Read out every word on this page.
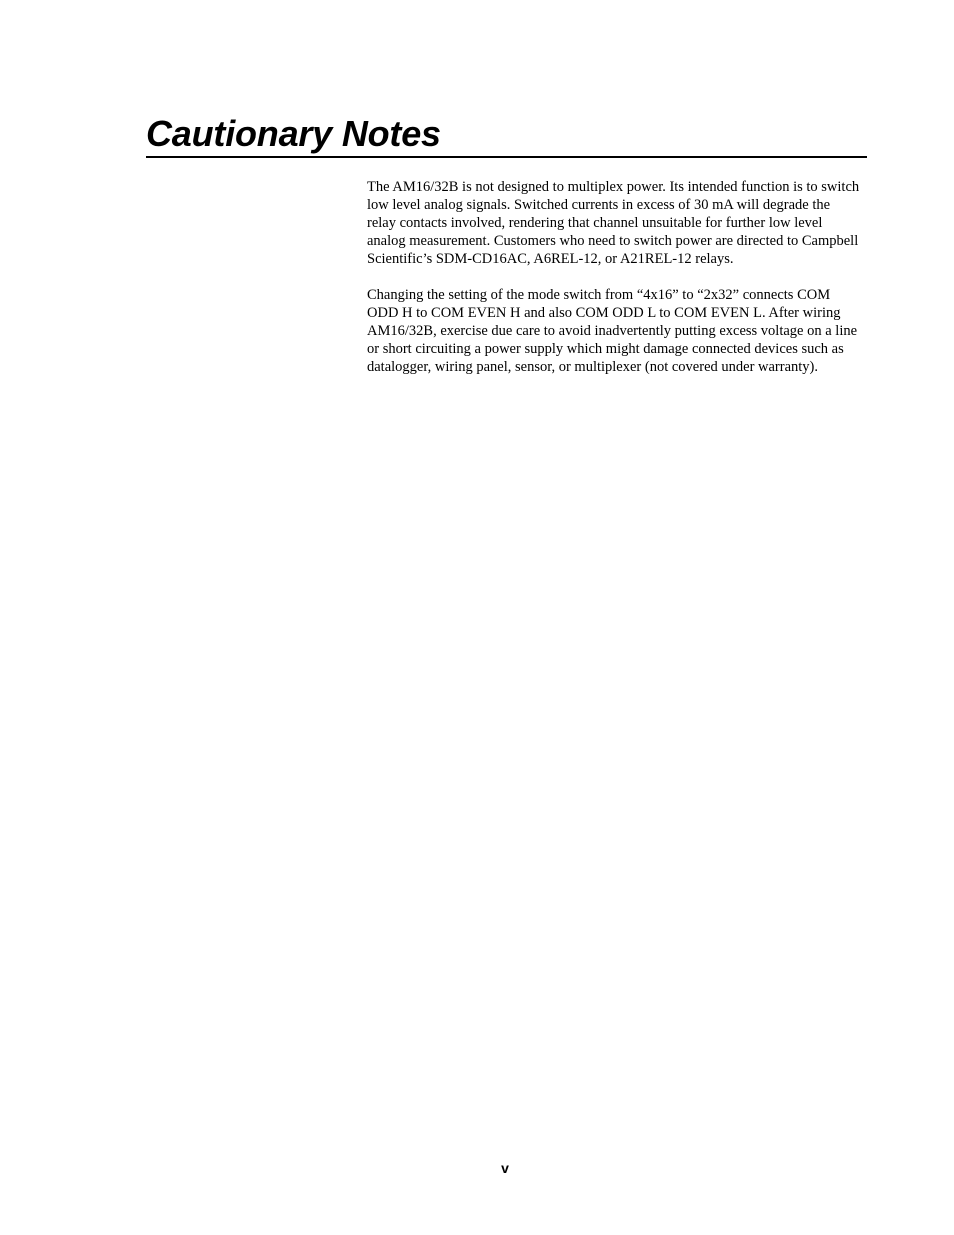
Cautionary Notes

The AM16/32B is not designed to multiplex power. Its intended function is to switch low level analog signals. Switched currents in excess of 30 mA will degrade the relay contacts involved, rendering that channel unsuitable for further low level analog measurement. Customers who need to switch power are directed to Campbell Scientific’s SDM-CD16AC, A6REL-12, or A21REL-12 relays.

Changing the setting of the mode switch from “4x16” to “2x32” connects COM ODD H to COM EVEN H and also COM ODD L to COM EVEN L. After wiring AM16/32B, exercise due care to avoid inadvertently putting excess voltage on a line or short circuiting a power supply which might damage connected devices such as datalogger, wiring panel, sensor, or multiplexer (not covered under warranty).

v
